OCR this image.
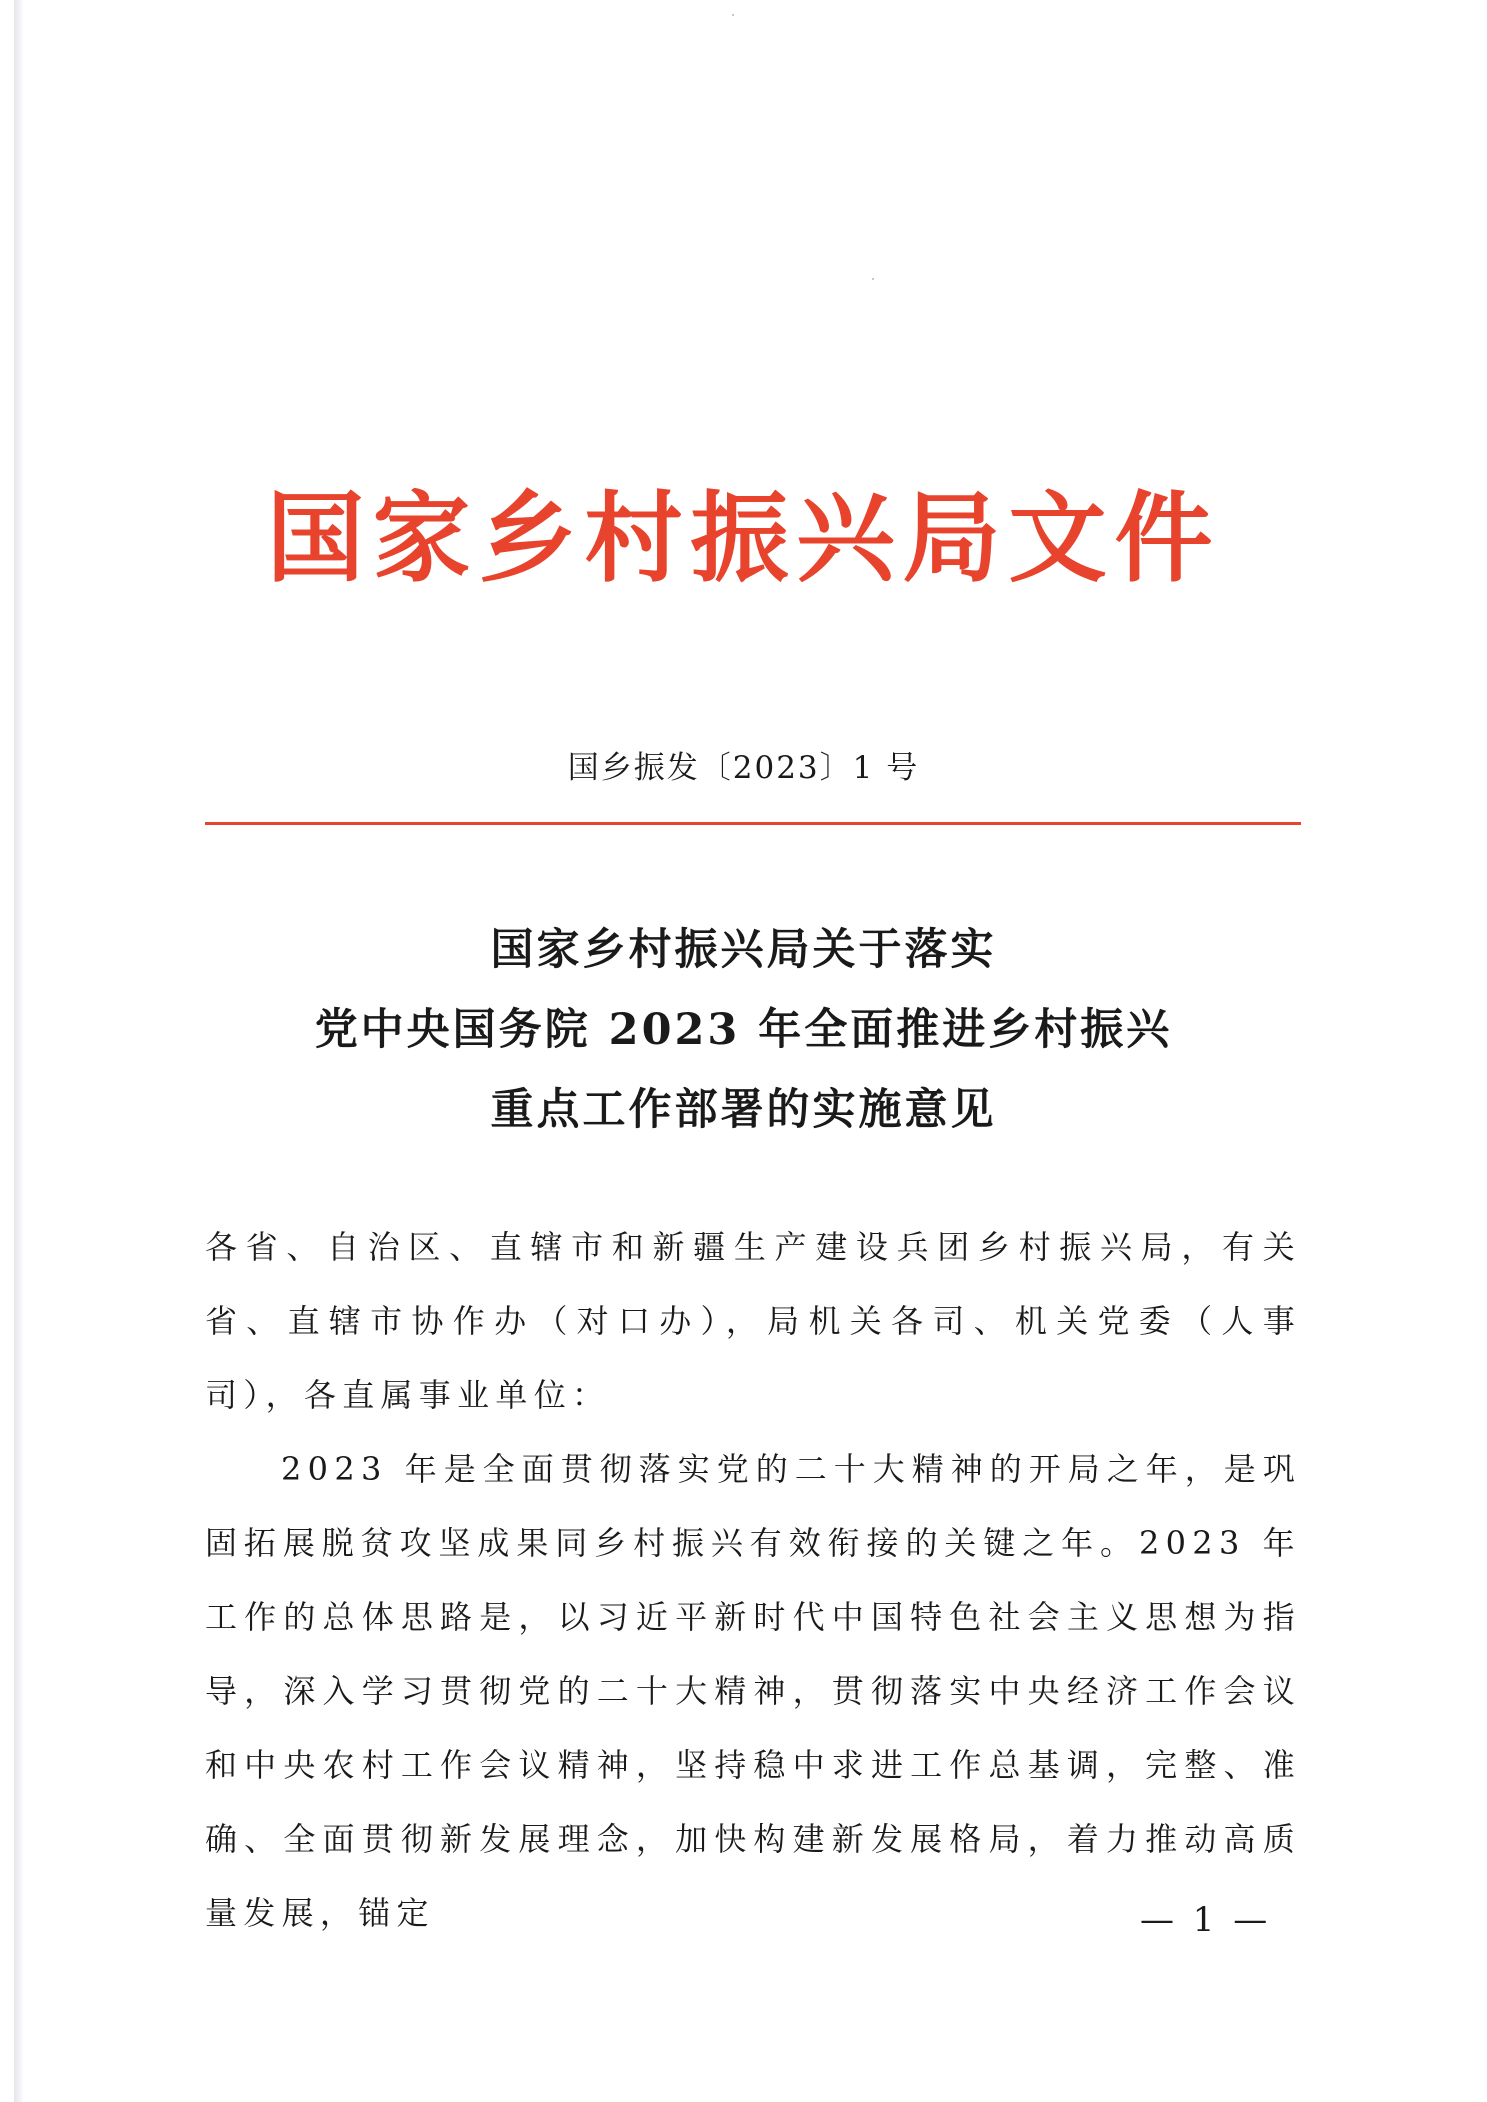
国家乡村振兴局文件
国乡振发〔2023〕1 号
国家乡村振兴局关于落实
党中央国务院 2023 年全面推进乡村振兴
重点工作部署的实施意见

各省、自治区、直辖市和新疆生产建设兵团乡村振兴局，有关省、直辖市协作办（对口办），局机关各司、机关党委（人事司），各直属事业单位：

2023 年是全面贯彻落实党的二十大精神的开局之年，是巩固拓展脱贫攻坚成果同乡村振兴有效衔接的关键之年。2023 年工作的总体思路是，以习近平新时代中国特色社会主义思想为指导，深入学习贯彻党的二十大精神，贯彻落实中央经济工作会议和中央农村工作会议精神，坚持稳中求进工作总基调，完整、准确、全面贯彻新发展理念，加快构建新发展格局，着力推动高质量发展，锚定	— 1 —
